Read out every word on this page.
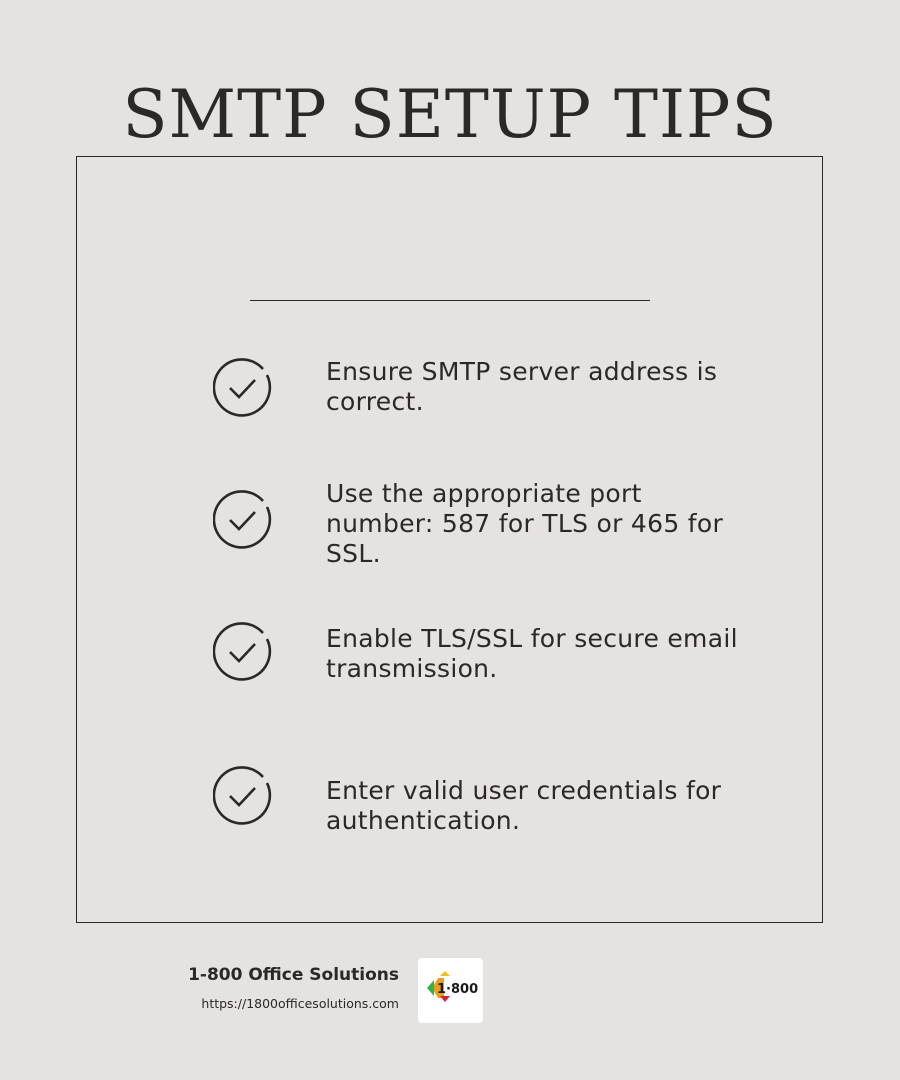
SMTP SETUP TIPS
Ensure SMTP server address is correct.
Use the appropriate port number: 587 for TLS or 465 for SSL.
Enable TLS/SSL for secure email transmission.
Enter valid user credentials for authentication.
1-800 Office Solutions
https://1800officesolutions.com
1·800
